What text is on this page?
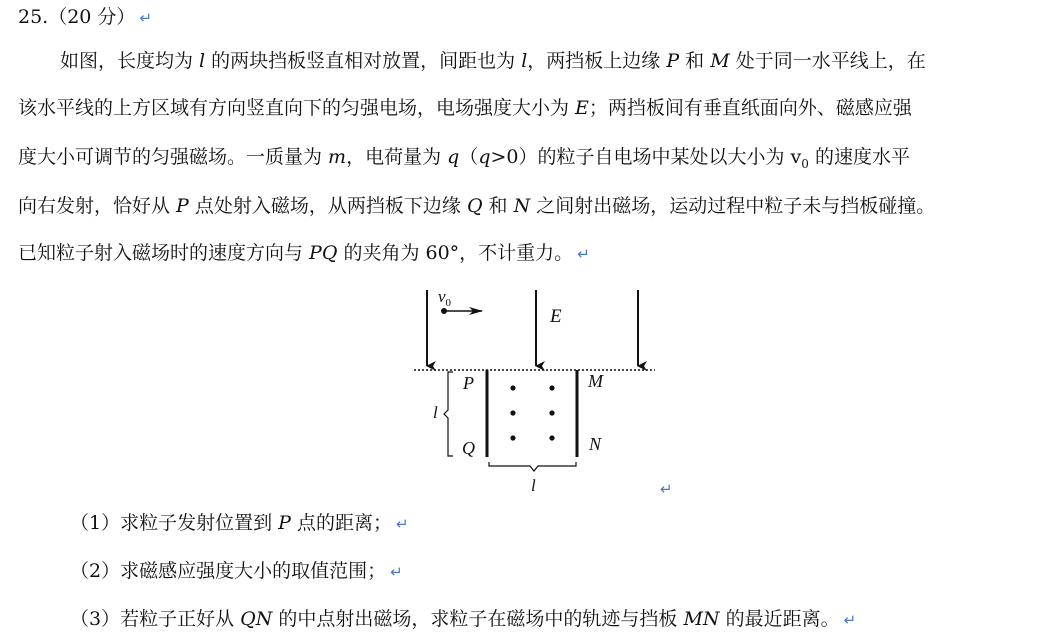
25.（20 分） ↵
如图，长度均为 l 的两块挡板竖直相对放置，间距也为 l，两挡板上边缘 P 和 M 处于同一水平线上，在
该水平线的上方区域有方向竖直向下的匀强电场，电场强度大小为 E；两挡板间有垂直纸面向外、磁感应强
度大小可调节的匀强磁场。一质量为 m，电荷量为 q（q>0）的粒子自电场中某处以大小为 $v_0$ 的速度水平
向右发射，恰好从 P 点处射入磁场，从两挡板下边缘 Q 和 N 之间射出磁场，运动过程中粒子未与挡板碰撞。
已知粒子射入磁场时的速度方向与 PQ 的夹角为 60°，不计重力。 ↵
$v_0$
E
P
Q
M
N
l
l	↵
（1）求粒子发射位置到 P 点的距离； ↵
（2）求磁感应强度大小的取值范围； ↵
（3）若粒子正好从 QN 的中点射出磁场，求粒子在磁场中的轨迹与挡板 MN 的最近距离。 ↵
